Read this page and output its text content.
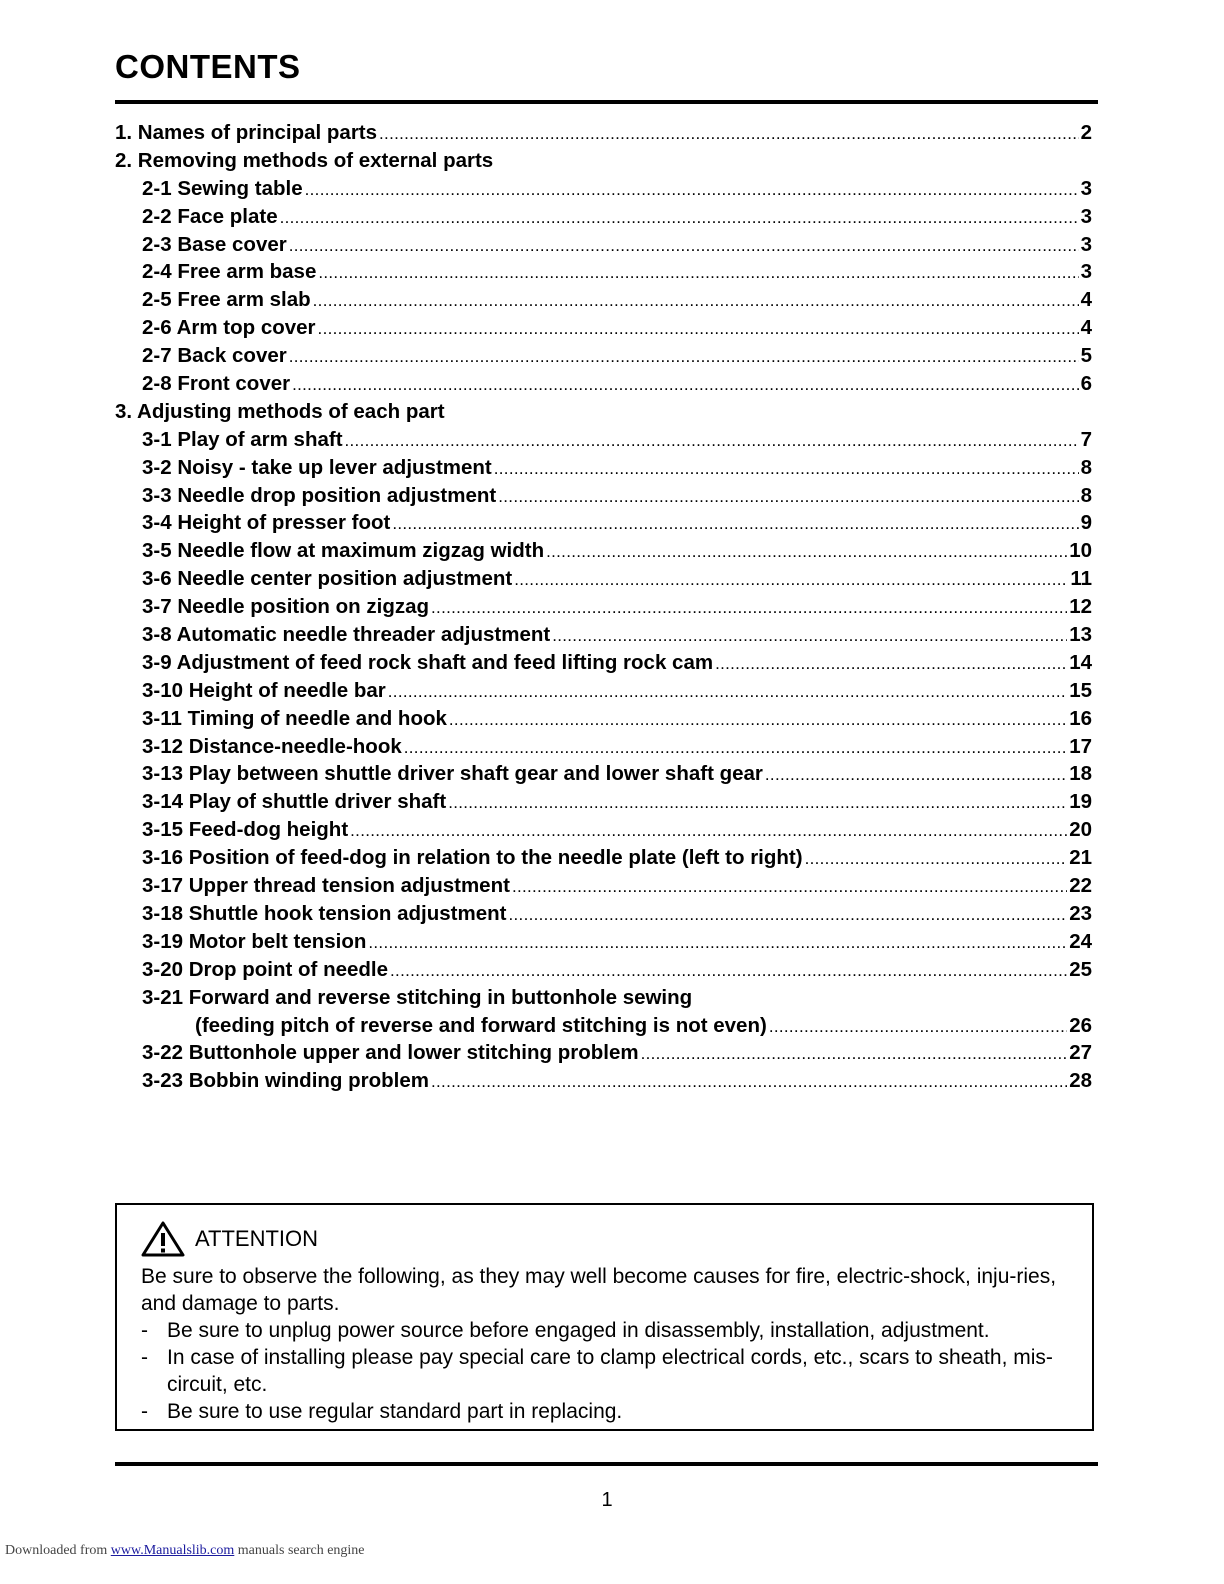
CONTENTS
1. Names of principal parts .....	2
2. Removing methods of external parts
2-1 Sewing table .....	3
2-2 Face plate .....	3
2-3 Base cover .....	3
2-4 Free arm base .....	3
2-5 Free arm slab .....	4
2-6 Arm top cover .....	4
2-7 Back cover .....	5
2-8 Front cover .....	6
3. Adjusting methods of each part
3-1 Play of arm shaft .....	7
3-2 Noisy - take up lever adjustment .....	8
3-3 Needle drop position adjustment .....	8
3-4 Height of presser foot .....	9
3-5 Needle flow at maximum zigzag width .....	10
3-6 Needle center position adjustment .....	11
3-7 Needle position on zigzag .....	12
3-8 Automatic needle threader adjustment .....	13
3-9 Adjustment of feed rock shaft and feed lifting rock cam .....	14
3-10 Height of needle bar .....	15
3-11 Timing of needle and hook .....	16
3-12 Distance-needle-hook .....	17
3-13 Play between shuttle driver shaft gear and lower shaft gear .....	18
3-14 Play of shuttle driver shaft .....	19
3-15 Feed-dog height .....	20
3-16 Position of feed-dog in relation to the needle plate (left to right) .....	21
3-17 Upper thread tension adjustment .....	22
3-18 Shuttle hook tension adjustment .....	23
3-19 Motor belt tension .....	24
3-20 Drop point of needle .....	25
3-21 Forward and reverse stitching in buttonhole sewing
(feeding pitch of reverse and forward stitching is not even) .....	26
3-22 Buttonhole upper and lower stitching problem .....	27
3-23 Bobbin winding problem .....	28
ATTENTION
Be sure to observe the following, as they may well become causes for fire, electric-shock, inju-ries, and damage to parts.
- Be sure to unplug power source before engaged in disassembly, installation, adjustment.
- In case of installing please pay special care to clamp electrical cords, etc., scars to sheath, mis-circuit, etc.
- Be sure to use regular standard part in replacing.
1
Downloaded from www.Manualslib.com manuals search engine
